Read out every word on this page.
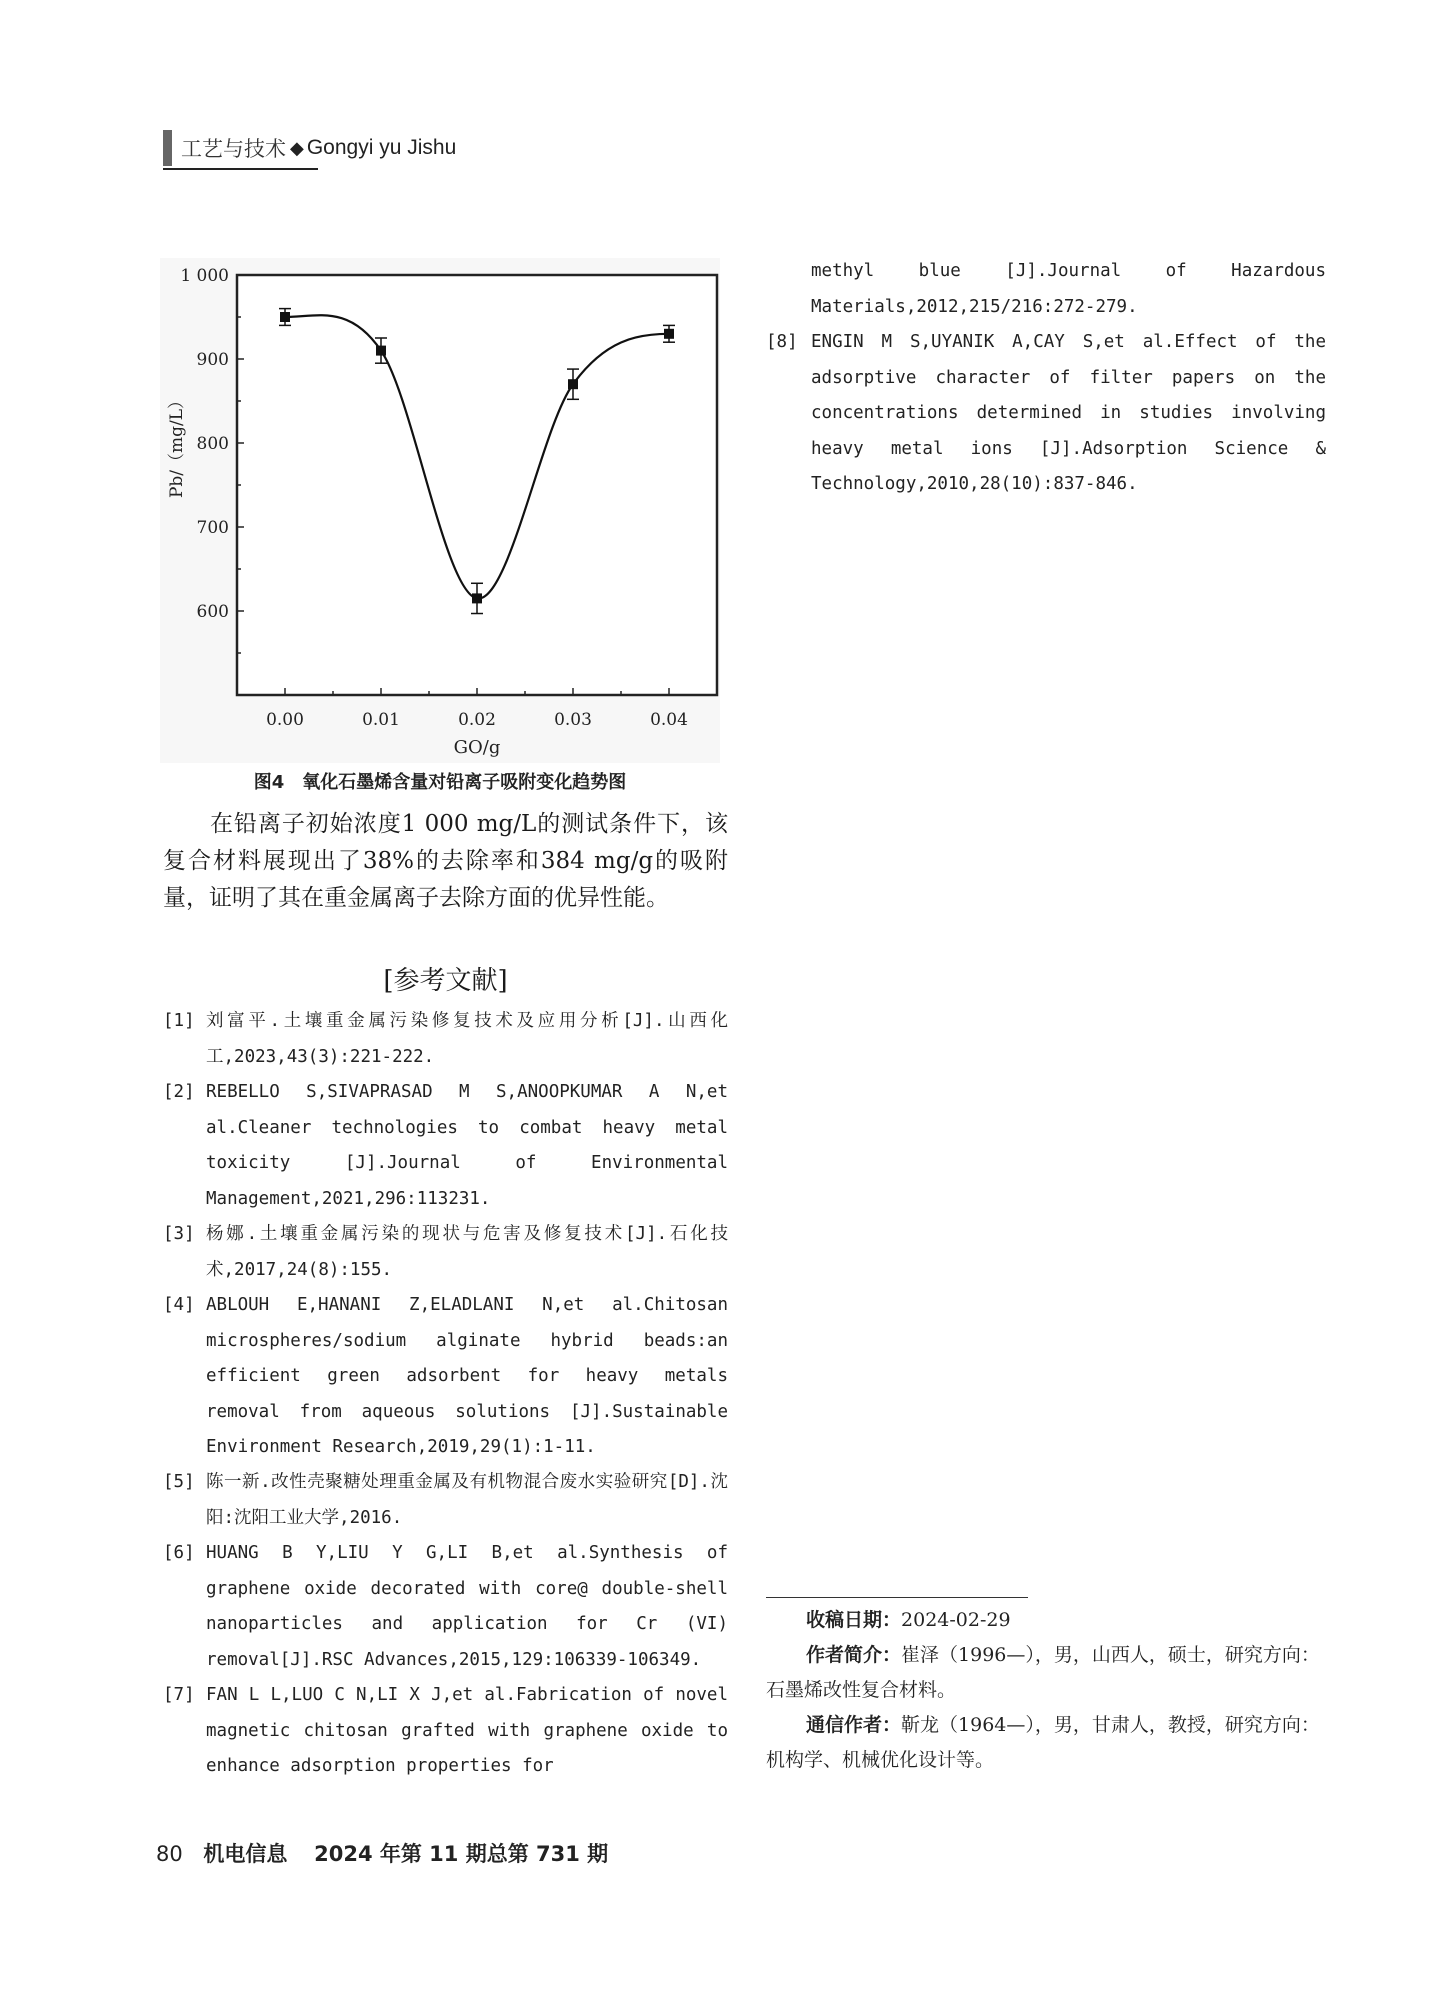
工艺与技术 ◆ Gongyi yu Jishu
1 000
900
800
700
600
0.00	0.01	0.02	0.03	0.04
GO/g
Pb/（mg/L）
图4　氧化石墨烯含量对铅离子吸附变化趋势图

在铅离子初始浓度1 000 mg/L的测试条件下，该复合材料展现出了38%的去除率和384 mg/g的吸附量，证明了其在重金属离子去除方面的优异性能。

[参考文献]
[1] 刘富平.土壤重金属污染修复技术及应用分析[J].山西化工,2023,43(3):221-222.
[2] REBELLO S,SIVAPRASAD M S,ANOOPKUMAR A N,et al.Cleaner technologies to combat heavy metal toxicity [J].Journal of Environmental Management,2021,296:113231.
[3] 杨娜.土壤重金属污染的现状与危害及修复技术[J].石化技术,2017,24(8):155.
[4] ABLOUH E,HANANI Z,ELADLANI N,et al.Chitosan microspheres/sodium alginate hybrid beads:an efficient green adsorbent for heavy metals removal from aqueous solutions [J].Sustainable Environment Research,2019,29(1):1-11.
[5] 陈一新.改性壳聚糖处理重金属及有机物混合废水实验研究[D].沈阳:沈阳工业大学,2016.
[6] HUANG B Y,LIU Y G,LI B,et al.Synthesis of graphene oxide decorated with core@ double-shell nanoparticles and application for Cr (VI) removal[J].RSC Advances,2015,129:106339-106349.
[7] FAN L L,LUO C N,LI X J,et al.Fabrication of novel magnetic chitosan grafted with graphene oxide to enhance adsorption properties for
methyl blue [J].Journal of Hazardous Materials,2012,215/216:272-279.
[8] ENGIN M S,UYANIK A,CAY S,et al.Effect of the adsorptive character of filter papers on the concentrations determined in studies involving heavy metal ions [J].Adsorption Science & Technology,2010,28(10):837-846.
收稿日期：2024-02-29
作者简介：崔泽（1996—），男，山西人，硕士，研究方向：石墨烯改性复合材料。
通信作者：靳龙（1964—），男，甘肃人，教授，研究方向：机构学、机械优化设计等。
80 机电信息 2024 年第 11 期总第 731 期
